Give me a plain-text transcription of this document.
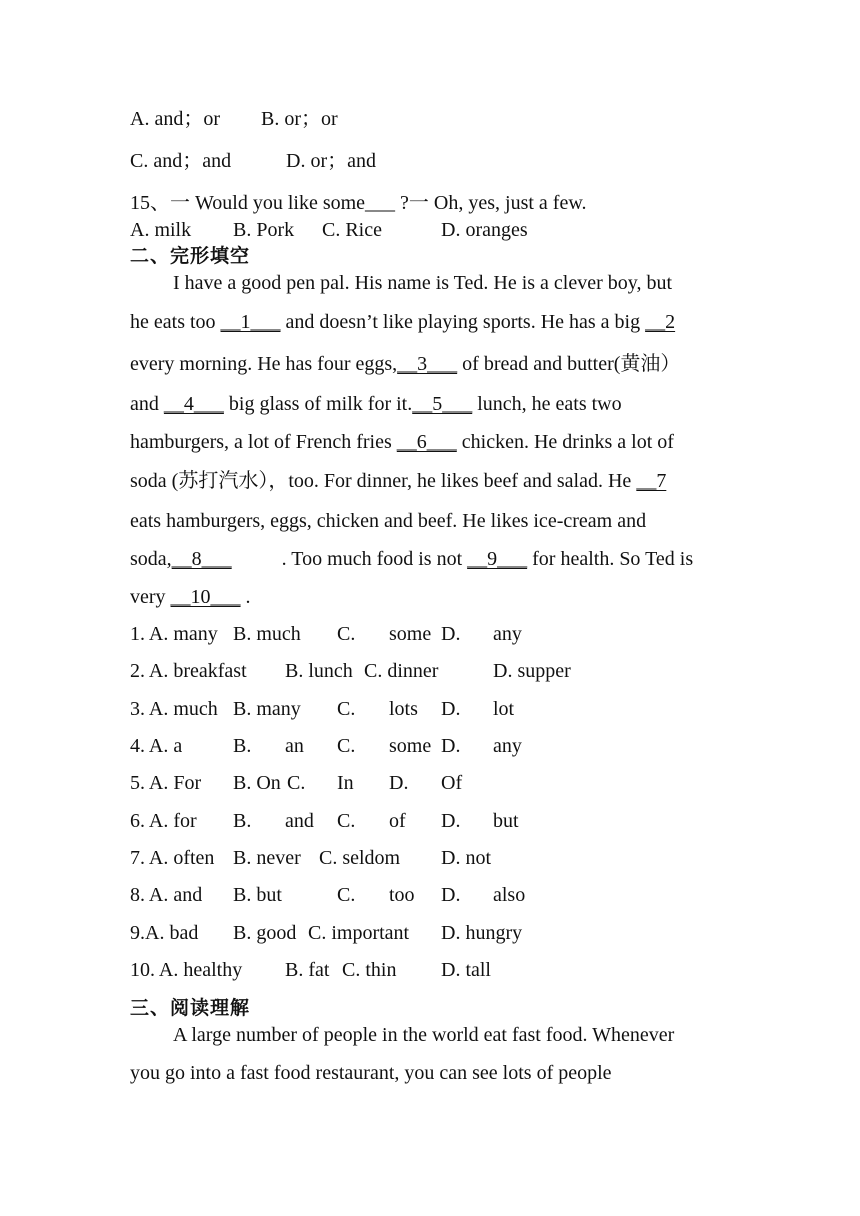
A. and；or B. or；or
C. and；and	D. or；and
15、一 Would you like some___ ?一 Oh, yes, just a few.
A. milk B. Pork C. Rice	D. oranges
二、完形填空
I have a good pen pal. His name is Ted. He is a clever boy, but
he eats too __1___ and doesn’t like playing sports. He has a big __2
every morning. He has four eggs,__3___ of bread and butter(黄油）
and __4___ big glass of milk for it.__5___ lunch, he eats two
hamburgers, a lot of French fries __6___ chicken. He drinks a lot of
soda (苏打汽水），too. For dinner, he likes beef and salad. He __7
eats hamburgers, eggs, chicken and beef. He likes ice-cream and
soda,__8___          . Too much food is not __9___ for health. So Ted is
very __10___ .
1. A. many B. much C. some D. any
2. A. breakfast B. lunch C. dinner	D. supper
3. A. much B. many C. lots D. lot
4. A. a	B. an C. some D. any
5. A. For B. On C. In D. Of
6. A. for B. and C. of D. but
7. A. often B. never C. seldom D. not
8. A. and B. but	C. too D. also
9.A. bad B. good C. important D. hungry
10. A. healthy B. fat C. thin D. tall
三、阅读理解
A large number of people in the world eat fast food. Whenever
you go into a fast food restaurant, you can see lots of people
